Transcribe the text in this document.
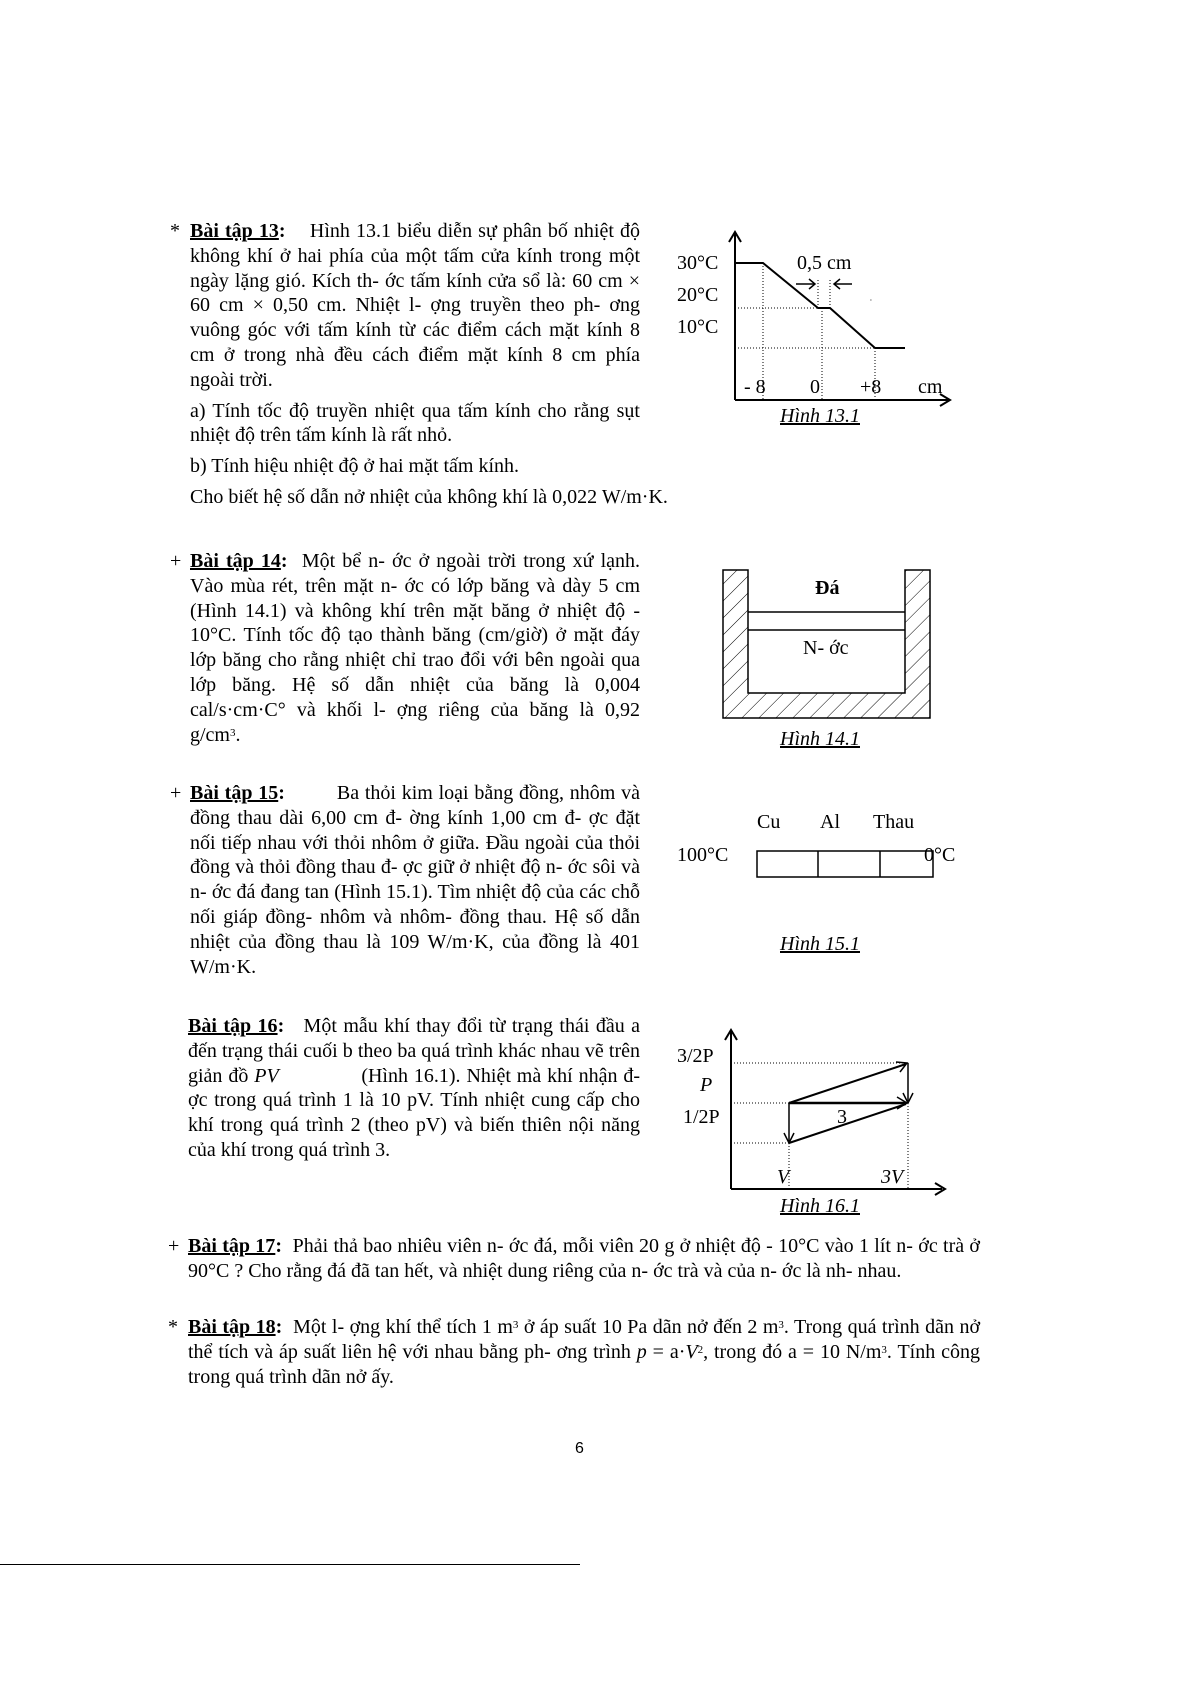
* Bài tập 13: Hình 13.1 biểu diễn sự phân bố nhiệt độ không khí ở hai phía của một tấm cửa kính trong một ngày lặng gió. Kích th- ớc tấm kính cửa sổ là: 60 cm × 60 cm × 0,50 cm. Nhiệt l- ợng truyền theo ph- ơng vuông góc với tấm kính từ các điểm cách mặt kính 8 cm ở trong nhà đều cách điểm mặt kính 8 cm phía ngoài trời.

a) Tính tốc độ truyền nhiệt qua tấm kính cho rằng sụt nhiệt độ trên tấm kính là rất nhỏ.

b) Tính hiệu nhiệt độ ở hai mặt tấm kính.

Cho biết hệ số dẫn nở nhiệt của không khí là 0,022 W/m·K.

30°C
20°C
10°C
0,5 cm
- 8 0 +8 cm
Hình 13.1
+ Bài tập 14: Một bể n- ớc ở ngoài trời trong xứ lạnh. Vào mùa rét, trên mặt n- ớc có lớp băng và dày 5 cm (Hình 14.1) và không khí trên mặt băng ở nhiệt độ - 10°C. Tính tốc độ tạo thành băng (cm/giờ) ở mặt đáy lớp băng cho rằng nhiệt chỉ trao đổi với bên ngoài qua lớp băng. Hệ số dẫn nhiệt của băng là 0,004 cal/s·cm·C° và khối l- ợng riêng của băng là 0,92 $g/cm^3$.

Đá
N- ớc
Hình 14.1
+ Bài tập 15:	Ba thỏi kim loại bằng đồng, nhôm và đồng thau dài 6,00 cm đ- ờng kính 1,00 cm đ- ợc đặt nối tiếp nhau với thỏi nhôm ở giữa. Đầu ngoài của thỏi đồng và thỏi đồng thau đ- ợc giữ ở nhiệt độ n- ớc sôi và n- ớc đá đang tan (Hình 15.1). Tìm nhiệt độ của các chỗ nối giáp đồng- nhôm và nhôm- đồng thau. Hệ số dẫn nhiệt của đồng thau là 109 W/m·K, của đồng là 401 W/m·K.

Cu Al Thau
100°C	0°C
Hình 15.1

Bài tập 16: Một mẫu khí thay đổi từ trạng thái đầu a đến trạng thái cuối b theo ba quá trình khác nhau vẽ trên giản đồ PV	(Hình 16.1). Nhiệt mà khí nhận đ- ợc trong quá trình 1 là 10 pV. Tính nhiệt cung cấp cho khí trong quá trình 2 (theo pV) và biến thiên nội năng của khí trong quá trình 3.

3/2P
P
1/2P	3
V	3V
Hình 16.1
+ Bài tập 17: Phải thả bao nhiêu viên n- ớc đá, mỗi viên 20 g ở nhiệt độ - 10°C vào 1 lít n- ớc trà ở 90°C ? Cho rằng đá đã tan hết, và nhiệt dung riêng của n- ớc trà và của n- ớc là nh- nhau.

* Bài tập 18: Một l- ợng khí thể tích 1 $m^3$ ở áp suất 10 Pa dãn nở đến 2 $m^3$. Trong quá trình dãn nở thể tích và áp suất liên hệ với nhau bằng ph- ơng trình $p = a\cdot V^2$, trong đó a = 10 $N/m^3$. Tính công trong quá trình dãn nở ấy.

6
